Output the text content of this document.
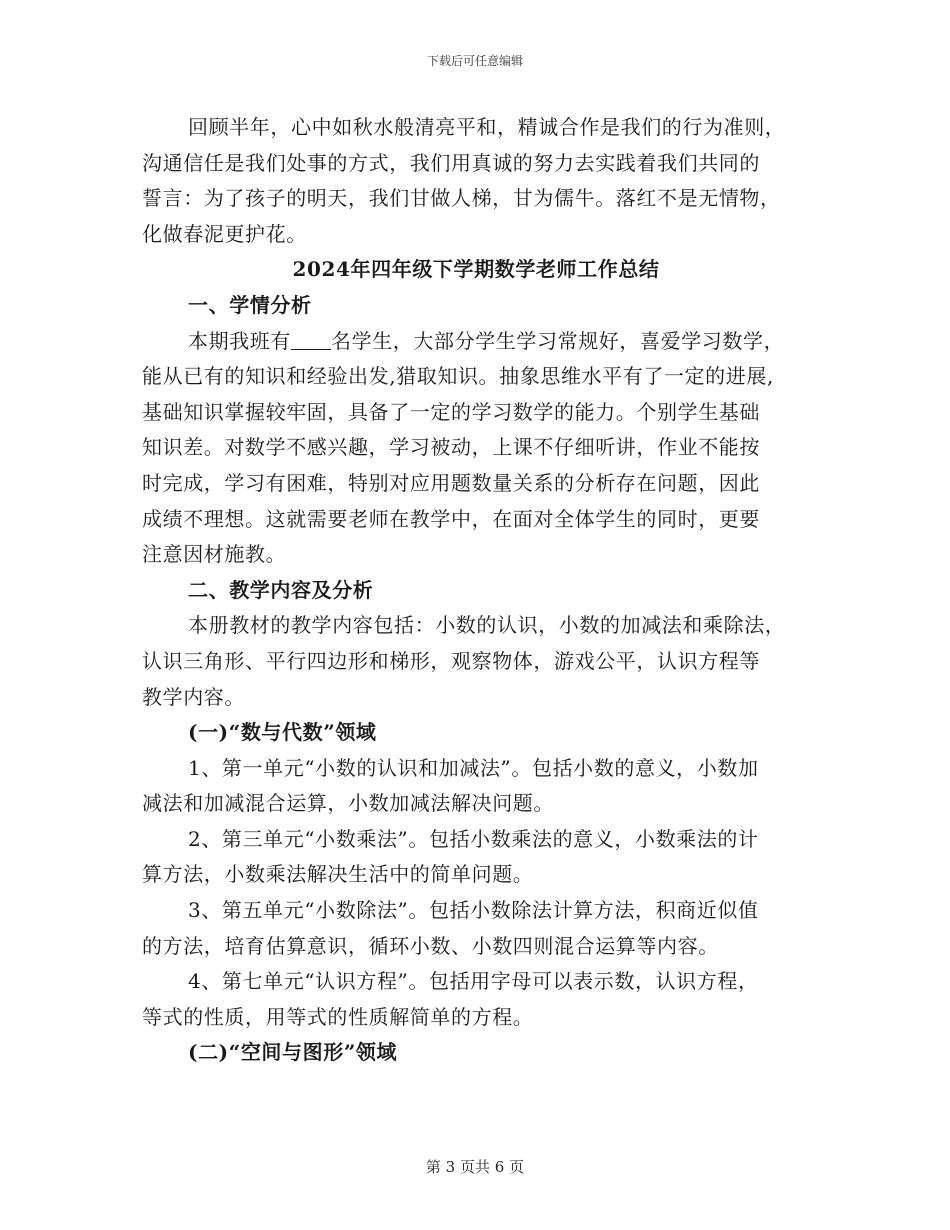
下载后可任意编辑
回顾半年，心中如秋水般清亮平和，精诚合作是我们的行为准则，
沟通信任是我们处事的方式，我们用真诚的努力去实践着我们共同的
誓言：为了孩子的明天，我们甘做人梯，甘为儒牛。落红不是无情物，
化做春泥更护花。
2024年四年级下学期数学老师工作总结
一、学情分析
本期我班有 名学生，大部分学生学习常规好，喜爱学习数学，
能从已有的知识和经验出发,猎取知识。抽象思维水平有了一定的进展,
基础知识掌握较牢固，具备了一定的学习数学的能力。个别学生基础
知识差。对数学不感兴趣，学习被动，上课不仔细听讲，作业不能按
时完成，学习有困难，特别对应用题数量关系的分析存在问题，因此
成绩不理想。这就需要老师在教学中，在面对全体学生的同时，更要
注意因材施教。
二、教学内容及分析
本册教材的教学内容包括：小数的认识，小数的加减法和乘除法，
认识三角形、平行四边形和梯形，观察物体，游戏公平，认识方程等
教学内容。
(一)“数与代数”领域
1、第一单元“小数的认识和加减法”。包括小数的意义，小数加
减法和加减混合运算，小数加减法解决问题。
2、第三单元“小数乘法”。包括小数乘法的意义，小数乘法的计
算方法，小数乘法解决生活中的简单问题。
3、第五单元“小数除法”。包括小数除法计算方法，积商近似值
的方法，培育估算意识，循环小数、小数四则混合运算等内容。
4、第七单元“认识方程”。包括用字母可以表示数，认识方程，
等式的性质，用等式的性质解简单的方程。
(二)“空间与图形”领域
第 3 页共 6 页
